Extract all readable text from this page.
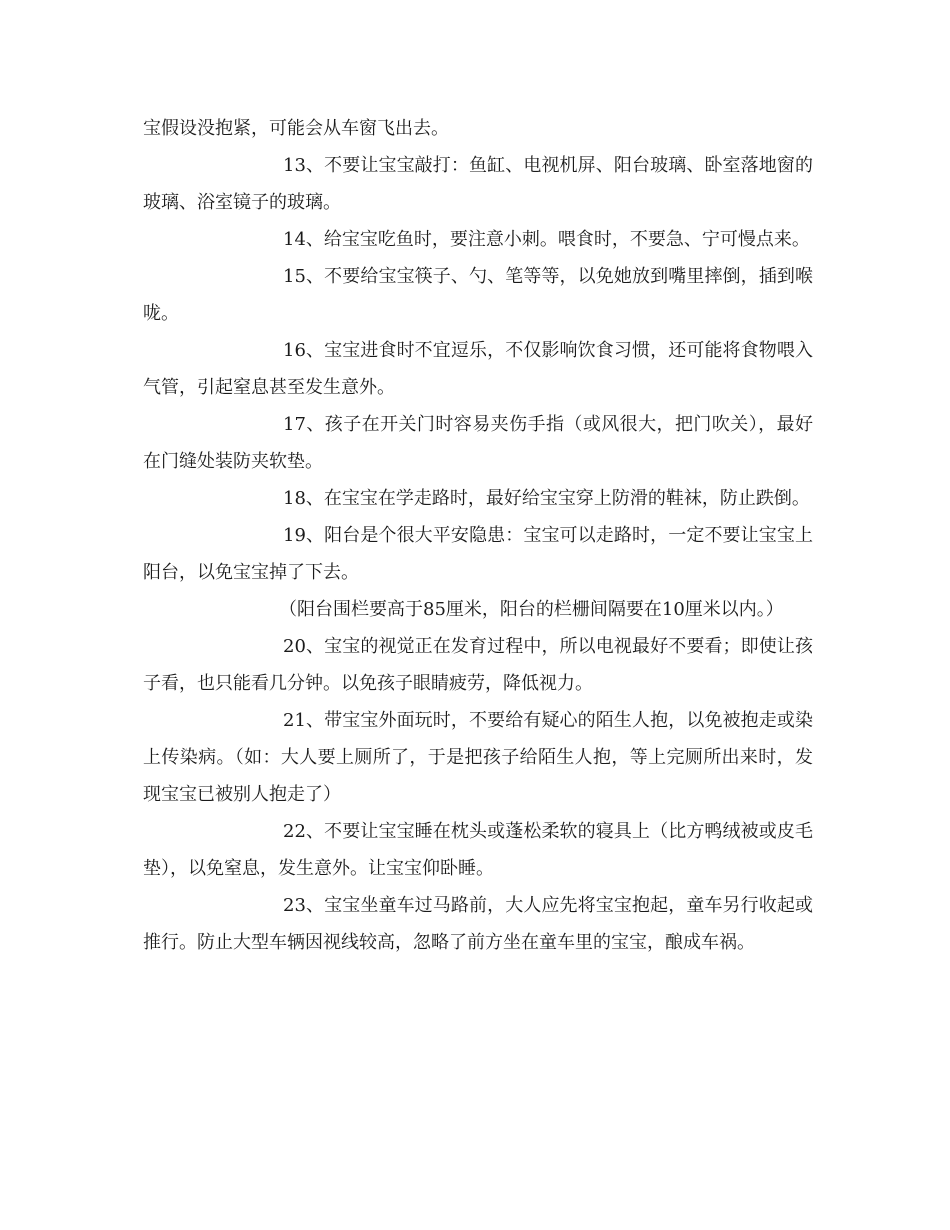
宝假设没抱紧，可能会从车窗飞出去。

13、不要让宝宝敲打：鱼缸、电视机屏、阳台玻璃、卧室落地窗的玻璃、浴室镜子的玻璃。

14、给宝宝吃鱼时，要注意小刺。喂食时，不要急、宁可慢点来。

15、不要给宝宝筷子、勺、笔等等，以免她放到嘴里摔倒，插到喉咙。

16、宝宝进食时不宜逗乐，不仅影响饮食习惯，还可能将食物喂入气管，引起窒息甚至发生意外。

17、孩子在开关门时容易夹伤手指（或风很大，把门吹关），最好在门缝处装防夹软垫。

18、在宝宝在学走路时，最好给宝宝穿上防滑的鞋袜，防止跌倒。

19、阳台是个很大平安隐患：宝宝可以走路时，一定不要让宝宝上阳台，以免宝宝掉了下去。

（阳台围栏要高于85厘米，阳台的栏栅间隔要在10厘米以内。）

20、宝宝的视觉正在发育过程中，所以电视最好不要看；即使让孩子看，也只能看几分钟。以免孩子眼睛疲劳，降低视力。

21、带宝宝外面玩时，不要给有疑心的陌生人抱，以免被抱走或染上传染病。（如：大人要上厕所了，于是把孩子给陌生人抱，等上完厕所出来时，发现宝宝已被别人抱走了）

22、不要让宝宝睡在枕头或蓬松柔软的寝具上（比方鸭绒被或皮毛垫），以免窒息，发生意外。让宝宝仰卧睡。

23、宝宝坐童车过马路前，大人应先将宝宝抱起，童车另行收起或推行。防止大型车辆因视线较高，忽略了前方坐在童车里的宝宝，酿成车祸。
